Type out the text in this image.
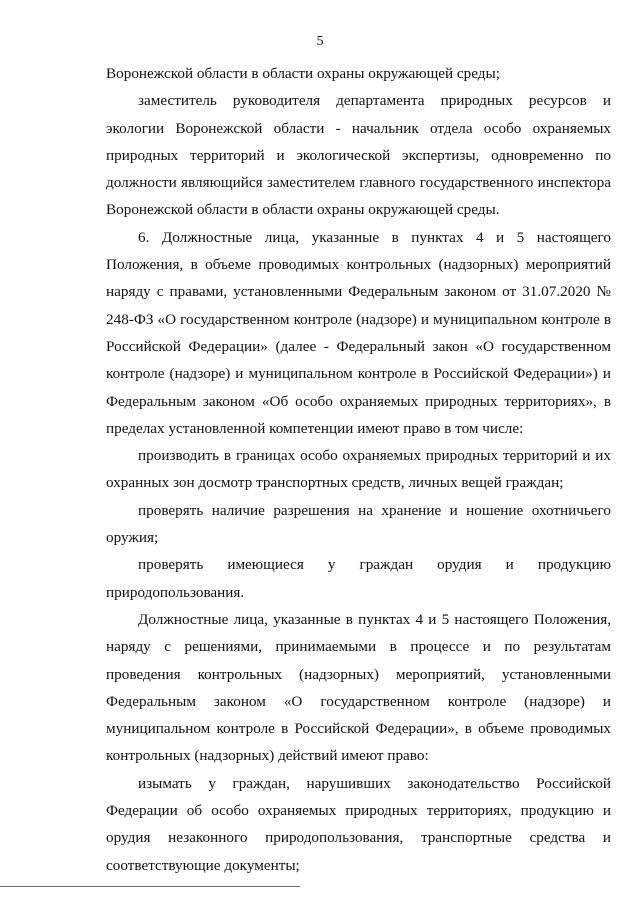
5

Воронежской области в области охраны окружающей среды;

заместитель руководителя департамента природных ресурсов и экологии Воронежской области - начальник отдела особо охраняемых природных территорий и экологической экспертизы, одновременно по должности являющийся заместителем главного государственного инспектора Воронежской области в области охраны окружающей среды.

6. Должностные лица, указанные в пунктах 4 и 5 настоящего Положения, в объеме проводимых контрольных (надзорных) мероприятий наряду с правами, установленными Федеральным законом от 31.07.2020 № 248-ФЗ «О государственном контроле (надзоре) и муниципальном контроле в Российской Федерации» (далее - Федеральный закон «О государственном контроле (надзоре) и муниципальном контроле в Российской Федерации») и Федеральным законом «Об особо охраняемых природных территориях», в пределах установленной компетенции имеют право в том числе:

производить в границах особо охраняемых природных территорий и их охранных зон досмотр транспортных средств, личных вещей граждан;

проверять наличие разрешения на хранение и ношение охотничьего оружия;

проверять имеющиеся у граждан орудия и продукцию природопользования.

Должностные лица, указанные в пунктах 4 и 5 настоящего Положения, наряду с решениями, принимаемыми в процессе и по результатам проведения контрольных (надзорных) мероприятий, установленными Федеральным законом «О государственном контроле (надзоре) и муниципальном контроле в Российской Федерации», в объеме проводимых контрольных (надзорных) действий имеют право:

изымать у граждан, нарушивших законодательство Российской Федерации об особо охраняемых природных территориях, продукцию и орудия незаконного природопользования, транспортные средства и соответствующие документы;
